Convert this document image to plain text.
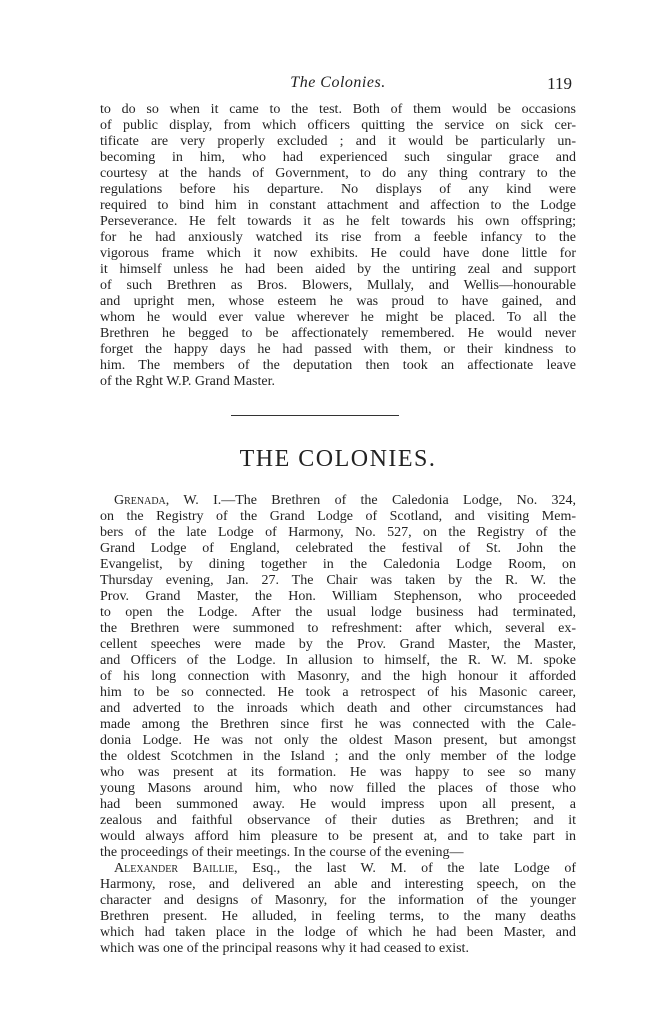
The Colonies.	119

to do so when it came to the test. Both of them would be occasions
of public display, from which officers quitting the service on sick cer-
tificate are very properly excluded ; and it would be particularly un-
becoming in him, who had experienced such singular grace and
courtesy at the hands of Government, to do any thing contrary to the
regulations before his departure. No displays of any kind were
required to bind him in constant attachment and affection to the Lodge
Perseverance. He felt towards it as he felt towards his own offspring;
for he had anxiously watched its rise from a feeble infancy to the
vigorous frame which it now exhibits. He could have done little for
it himself unless he had been aided by the untiring zeal and support
of such Brethren as Bros. Blowers, Mullaly, and Wellis—honourable
and upright men, whose esteem he was proud to have gained, and
whom he would ever value wherever he might be placed. To all the
Brethren he begged to be affectionately remembered. He would never
forget the happy days he had passed with them, or their kindness to
him. The members of the deputation then took an affectionate leave
of the Rght W.P. Grand Master.

THE COLONIES.

Grenada, W. I.—The Brethren of the Caledonia Lodge, No. 324,
on the Registry of the Grand Lodge of Scotland, and visiting Mem-
bers of the late Lodge of Harmony, No. 527, on the Registry of the
Grand Lodge of England, celebrated the festival of St. John the
Evangelist, by dining together in the Caledonia Lodge Room, on
Thursday evening, Jan. 27. The Chair was taken by the R. W. the
Prov. Grand Master, the Hon. William Stephenson, who proceeded
to open the Lodge. After the usual lodge business had terminated,
the Brethren were summoned to refreshment: after which, several ex-
cellent speeches were made by the Prov. Grand Master, the Master,
and Officers of the Lodge. In allusion to himself, the R. W. M. spoke
of his long connection with Masonry, and the high honour it afforded
him to be so connected. He took a retrospect of his Masonic career,
and adverted to the inroads which death and other circumstances had
made among the Brethren since first he was connected with the Cale-
donia Lodge. He was not only the oldest Mason present, but amongst
the oldest Scotchmen in the Island ; and the only member of the lodge
who was present at its formation. He was happy to see so many
young Masons around him, who now filled the places of those who
had been summoned away. He would impress upon all present, a
zealous and faithful observance of their duties as Brethren; and it
would always afford him pleasure to be present at, and to take part in
the proceedings of their meetings. In the course of the evening—

Alexander Baillie, Esq., the last W. M. of the late Lodge of
Harmony, rose, and delivered an able and interesting speech, on the
character and designs of Masonry, for the information of the younger
Brethren present. He alluded, in feeling terms, to the many deaths
which had taken place in the lodge of which he had been Master, and
which was one of the principal reasons why it had ceased to exist.
